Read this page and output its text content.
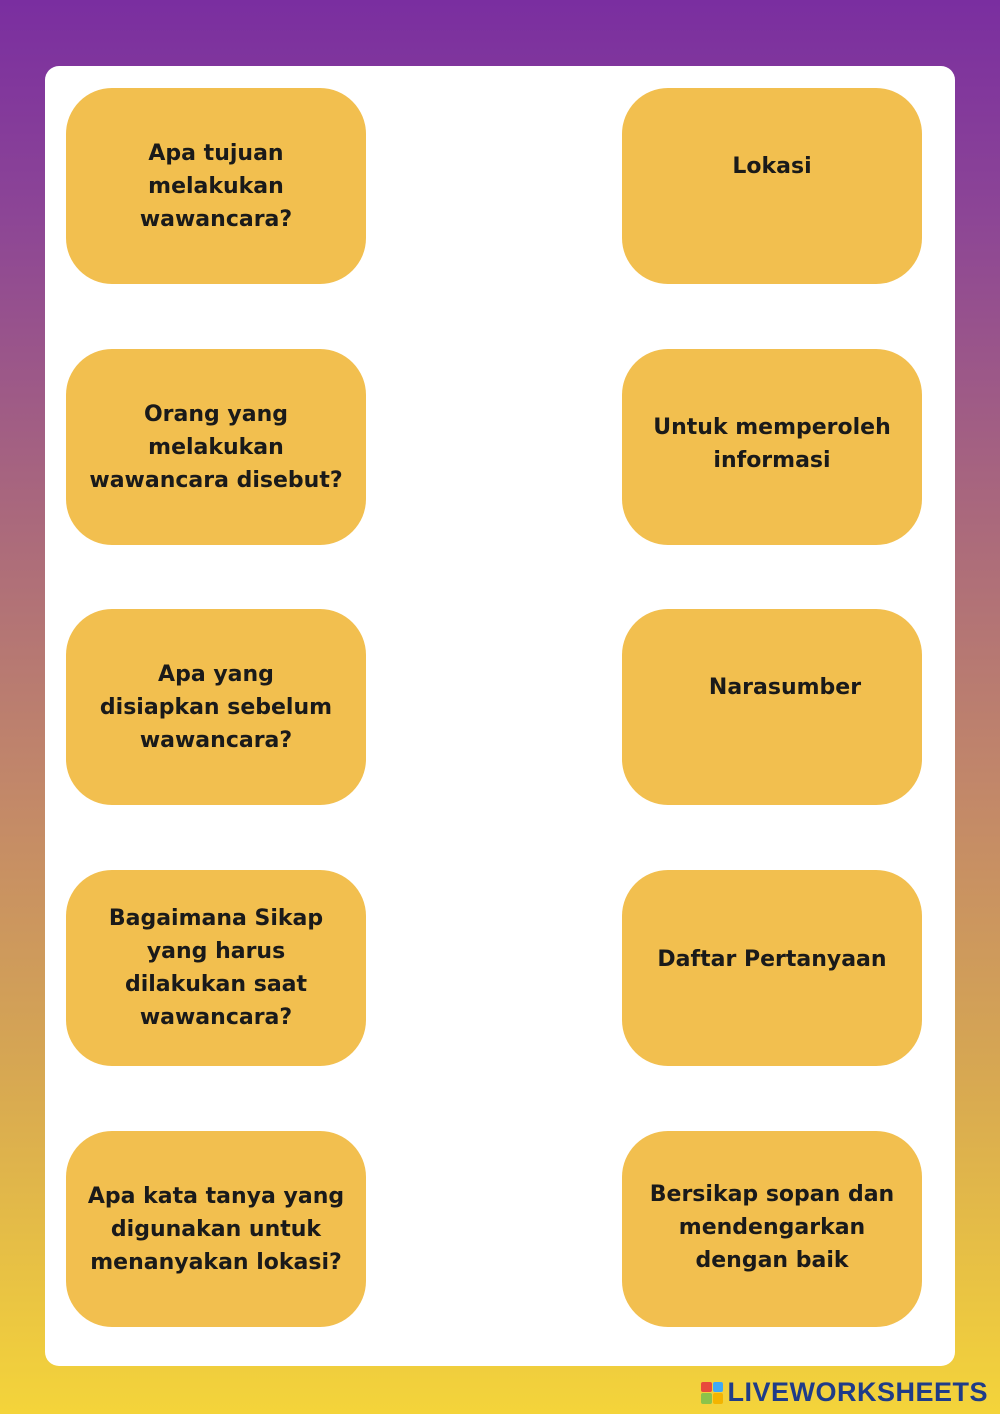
Apa tujuan melakukan wawancara?
Orang yang melakukan wawancara disebut?
Apa yang disiapkan sebelum wawancara?
Bagaimana Sikap yang harus dilakukan saat wawancara?
Apa kata tanya yang digunakan untuk menanyakan lokasi?
Lokasi
Untuk memperoleh informasi
Narasumber
Daftar Pertanyaan
Bersikap sopan dan mendengarkan dengan baik
LIVEWORKSHEETS
